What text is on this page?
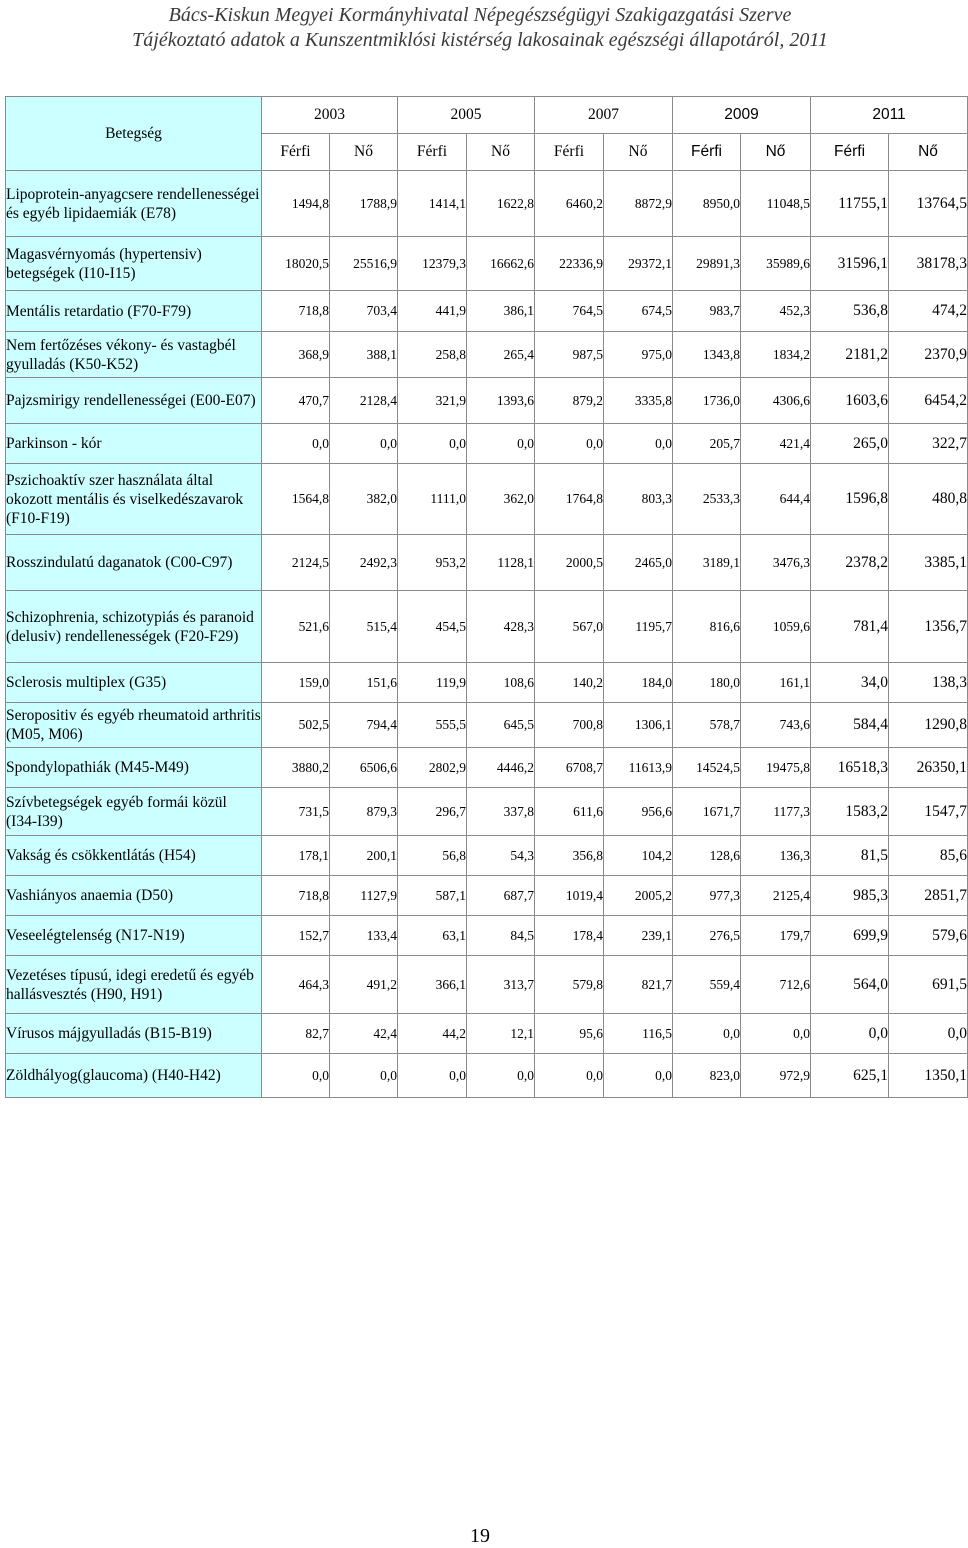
Bács-Kiskun Megyei Kormányhivatal Népegészségügyi Szakigazgatási Szerve
Tájékoztató adatok a Kunszentmiklósi kistérség lakosainak egészségi állapotáról, 2011
Betegség	2003		2005		2007		2009		2011	
	Férfi	Nő	Férfi	Nő	Férfi	Nő	Férfi	Nő	Férfi	Nő
Lipoprotein-anyagcsere rendellenességei és egyéb lipidaemiák (E78)	1494,8	1788,9	1414,1	1622,8	6460,2	8872,9	8950,0	11048,5	11755,1	13764,5
Magasvérnyomás (hypertensiv) betegségek (I10-I15)	18020,5	25516,9	12379,3	16662,6	22336,9	29372,1	29891,3	35989,6	31596,1	38178,3
Mentális retardatio (F70-F79)	718,8	703,4	441,9	386,1	764,5	674,5	983,7	452,3	536,8	474,2
Nem fertőzéses vékony- és vastagbél gyulladás (K50-K52)	368,9	388,1	258,8	265,4	987,5	975,0	1343,8	1834,2	2181,2	2370,9
Pajzsmirigy rendellenességei (E00-E07)	470,7	2128,4	321,9	1393,6	879,2	3335,8	1736,0	4306,6	1603,6	6454,2
Parkinson - kór	0,0	0,0	0,0	0,0	0,0	0,0	205,7	421,4	265,0	322,7
Pszichoaktív szer használata által okozott mentális és viselkedészavarok (F10-F19)	1564,8	382,0	1111,0	362,0	1764,8	803,3	2533,3	644,4	1596,8	480,8
Rosszindulatú daganatok (C00-C97)	2124,5	2492,3	953,2	1128,1	2000,5	2465,0	3189,1	3476,3	2378,2	3385,1
Schizophrenia, schizotypiás és paranoid (delusiv) rendellenességek (F20-F29)	521,6	515,4	454,5	428,3	567,0	1195,7	816,6	1059,6	781,4	1356,7
Sclerosis multiplex (G35)	159,0	151,6	119,9	108,6	140,2	184,0	180,0	161,1	34,0	138,3
Seropositiv és egyéb rheumatoid arthritis (M05, M06)	502,5	794,4	555,5	645,5	700,8	1306,1	578,7	743,6	584,4	1290,8
Spondylopathiák (M45-M49)	3880,2	6506,6	2802,9	4446,2	6708,7	11613,9	14524,5	19475,8	16518,3	26350,1
Szívbetegségek egyéb formái közül (I34-I39)	731,5	879,3	296,7	337,8	611,6	956,6	1671,7	1177,3	1583,2	1547,7
Vakság és csökkentlátás (H54)	178,1	200,1	56,8	54,3	356,8	104,2	128,6	136,3	81,5	85,6
Vashiányos anaemia (D50)	718,8	1127,9	587,1	687,7	1019,4	2005,2	977,3	2125,4	985,3	2851,7
Veseelégtelenség (N17-N19)	152,7	133,4	63,1	84,5	178,4	239,1	276,5	179,7	699,9	579,6
Vezetéses típusú, idegi eredetű és egyéb hallásvesztés (H90, H91)	464,3	491,2	366,1	313,7	579,8	821,7	559,4	712,6	564,0	691,5
Vírusos májgyulladás (B15-B19)	82,7	42,4	44,2	12,1	95,6	116,5	0,0	0,0	0,0	0,0
Zöldhályog(glaucoma) (H40-H42)	0,0	0,0	0,0	0,0	0,0	0,0	823,0	972,9	625,1	1350,1
19
